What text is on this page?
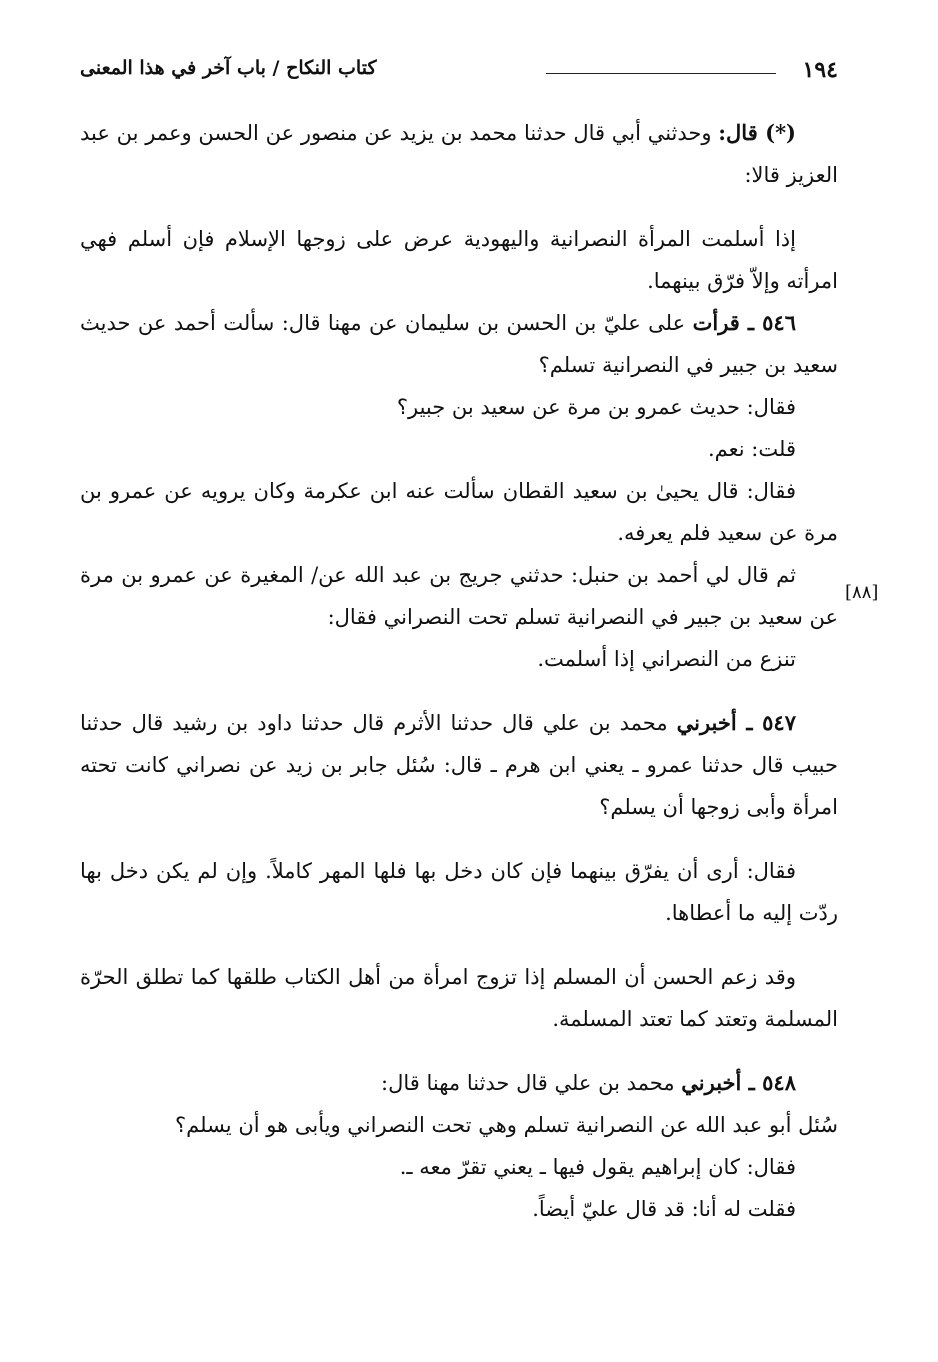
١٩٤
كتاب النكاح / باب آخر في هذا المعنى

(*) قال: وحدثني أبي قال حدثنا محمد بن يزيد عن منصور عن الحسن وعمر بن عبد العزيز قالا:

إذا أسلمت المرأة النصرانية واليهودية عرض على زوجها الإسلام فإن أسلم فهي امرأته وإلاّ فرّق بينهما.

٥٤٦ ـ قرأت على عليّ بن الحسن بن سليمان عن مهنا قال: سألت أحمد عن حديث سعيد بن جبير في النصرانية تسلم؟

فقال: حديث عمرو بن مرة عن سعيد بن جبير؟

قلت: نعم.

فقال: قال يحيىٰ بن سعيد القطان سألت عنه ابن عكرمة وكان يرويه عن عمرو بن مرة عن سعيد فلم يعرفه.

ثم قال لي أحمد بن حنبل: حدثني جريج بن عبد الله عن/ المغيرة عن عمرو بن مرة عن سعيد بن جبير في النصرانية تسلم تحت النصراني فقال:

تنزع من النصراني إذا أسلمت.

٥٤٧ ـ أخبرني محمد بن علي قال حدثنا الأثرم قال حدثنا داود بن رشيد قال حدثنا حبيب قال حدثنا عمرو ـ يعني ابن هرم ـ قال: سُئل جابر بن زيد عن نصراني كانت تحته امرأة وأبى زوجها أن يسلم؟

فقال: أرى أن يفرّق بينهما فإن كان دخل بها فلها المهر كاملاً. وإن لم يكن دخل بها ردّت إليه ما أعطاها.

وقد زعم الحسن أن المسلم إذا تزوج امرأة من أهل الكتاب طلقها كما تطلق الحرّة المسلمة وتعتد كما تعتد المسلمة.

٥٤٨ ـ أخبرني محمد بن علي قال حدثنا مهنا قال:

سُئل أبو عبد الله عن النصرانية تسلم وهي تحت النصراني ويأبى هو أن يسلم؟

فقال: كان إبراهيم يقول فيها ـ يعني تقرّ معه ـ.

فقلت له أنا: قد قال عليّ أيضاً.

[٨٨]
